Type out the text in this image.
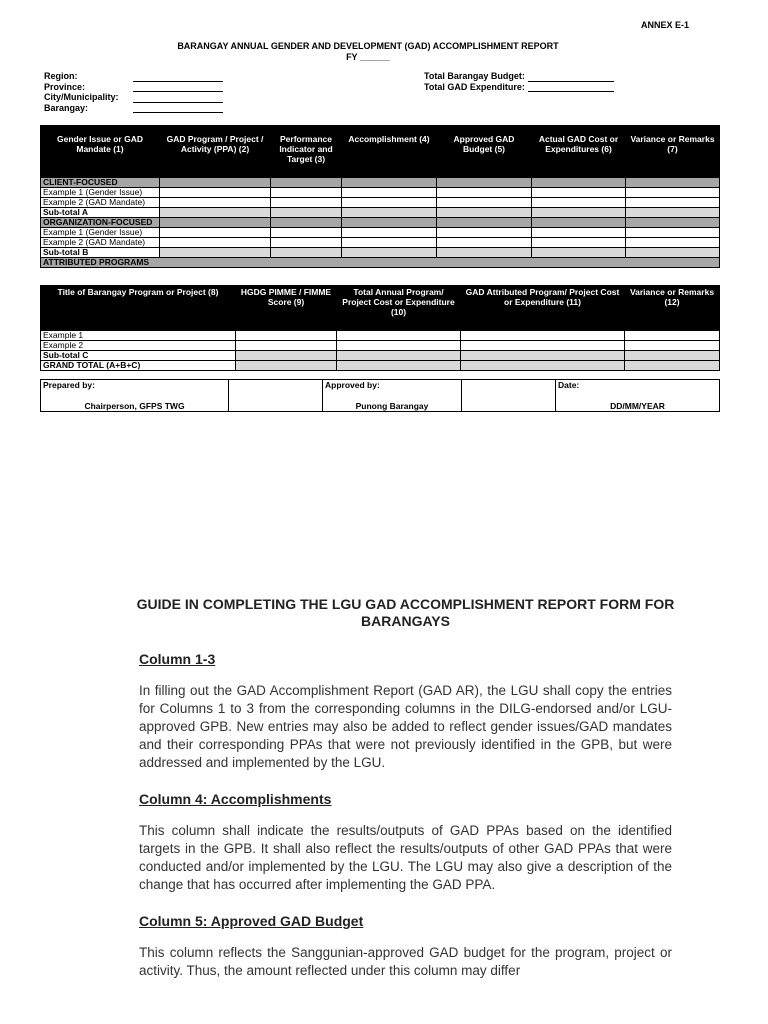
ANNEX E-1
BARANGAY ANNUAL GENDER AND DEVELOPMENT (GAD) ACCOMPLISHMENT REPORT
FY ______
Region:
Province:
City/Municipality:
Barangay:
Total Barangay Budget:
Total GAD Expenditure:
Gender Issue or GAD Mandate (1)	GAD Program / Project / Activity (PPA) (2)	Performance Indicator and Target (3)	Accomplishment (4)	Approved GAD Budget (5)	Actual GAD Cost or Expenditures (6)	Variance or Remarks (7)
CLIENT-FOCUSED						
Example 1 (Gender Issue)						
Example 2 (GAD Mandate)						
Sub-total A						
ORGANIZATION-FOCUSED						
Example 1 (Gender Issue)						
Example 2 (GAD Mandate)						
Sub-total B						
ATTRIBUTED PROGRAMS						
Title of Barangay Program or Project (8)	HGDG PIMME / FIMME Score (9)	Total Annual Program/ Project Cost or Expenditure (10)	GAD Attributed Program/ Project Cost or Expenditure (11)	Variance or Remarks (12)
Example 1				
Example 2				
Sub-total C				
GRAND TOTAL (A+B+C)				
Prepared by:
Chairperson, GFPS TWG
		Approved by:
Punong Barangay
		Date:
DD/MM/YEAR
GUIDE IN COMPLETING THE LGU GAD ACCOMPLISHMENT REPORT FORM FOR BARANGAYS
Column 1-3

In filling out the GAD Accomplishment Report (GAD AR), the LGU shall copy the entries for Columns 1 to 3 from the corresponding columns in the DILG-endorsed and/or LGU-approved GPB. New entries may also be added to reflect gender issues/GAD mandates and their corresponding PPAs that were not previously identified in the GPB, but were addressed and implemented by the LGU.

Column 4: Accomplishments

This column shall indicate the results/outputs of GAD PPAs based on the identified targets in the GPB. It shall also reflect the results/outputs of other GAD PPAs that were conducted and/or implemented by the LGU. The LGU may also give a description of the change that has occurred after implementing the GAD PPA.

Column 5: Approved GAD Budget

This column reflects the Sanggunian-approved GAD budget for the program, project or activity. Thus, the amount reflected under this column may differ
